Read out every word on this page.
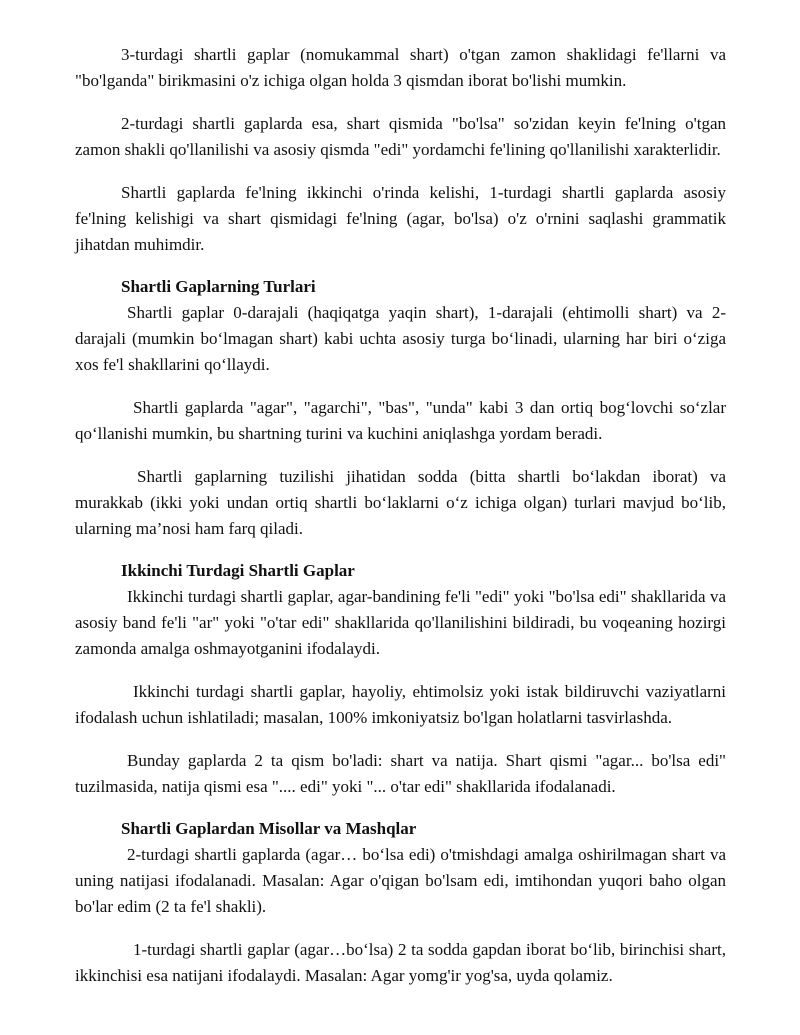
3-turdagi shartli gaplar (nomukammal shart) o'tgan zamon shaklidagi fe'llarni va "bo'lganda" birikmasini o'z ichiga olgan holda 3 qismdan iborat bo'lishi mumkin.

2-turdagi shartli gaplarda esa, shart qismida "bo'lsa" so'zidan keyin fe'lning o'tgan zamon shakli qo'llanilishi va asosiy qismda "edi" yordamchi fe'lining qo'llanilishi xarakterlidir.

Shartli gaplarda fe'lning ikkinchi o'rinda kelishi, 1-turdagi shartli gaplarda asosiy fe'lning kelishigi va shart qismidagi fe'lning (agar, bo'lsa) o'z o'rnini saqlashi grammatik jihatdan muhimdir.

Shartli Gaplarning Turlari

Shartli gaplar 0-darajali (haqiqatga yaqin shart), 1-darajali (ehtimolli shart) va 2-darajali (mumkin bo‘lmagan shart) kabi uchta asosiy turga bo‘linadi, ularning har biri o‘ziga xos fe'l shakllarini qo‘llaydi.

Shartli gaplarda "agar", "agarchi", "bas", "unda" kabi 3 dan ortiq bog‘lovchi so‘zlar qo‘llanishi mumkin, bu shartning turini va kuchini aniqlashga yordam beradi.

Shartli gaplarning tuzilishi jihatidan sodda (bitta shartli bo‘lakdan iborat) va murakkab (ikki yoki undan ortiq shartli bo‘laklarni o‘z ichiga olgan) turlari mavjud bo‘lib, ularning ma’nosi ham farq qiladi.

Ikkinchi Turdagi Shartli Gaplar

Ikkinchi turdagi shartli gaplar, agar-bandining fe'li "edi" yoki "bo'lsa edi" shakllarida va asosiy band fe'li "ar" yoki "o'tar edi" shakllarida qo'llanilishini bildiradi, bu voqeaning hozirgi zamonda amalga oshmayotganini ifodalaydi.

Ikkinchi turdagi shartli gaplar, hayoliy, ehtimolsiz yoki istak bildiruvchi vaziyatlarni ifodalash uchun ishlatiladi; masalan, 100% imkoniyatsiz bo'lgan holatlarni tasvirlashda.

Bunday gaplarda 2 ta qism bo'ladi: shart va natija. Shart qismi "agar... bo'lsa edi" tuzilmasida, natija qismi esa ".... edi" yoki "... o'tar edi" shakllarida ifodalanadi.

Shartli Gaplardan Misollar va Mashqlar

2-turdagi shartli gaplarda (agar… bo‘lsa edi) o'tmishdagi amalga oshirilmagan shart va uning natijasi ifodalanadi. Masalan: Agar o'qigan bo'lsam edi, imtihondan yuqori baho olgan bo'lar edim (2 ta fe'l shakli).

1-turdagi shartli gaplar (agar…bo‘lsa) 2 ta sodda gapdan iborat bo‘lib, birinchisi shart, ikkinchisi esa natijani ifodalaydi. Masalan: Agar yomg'ir yog'sa, uyda qolamiz.
